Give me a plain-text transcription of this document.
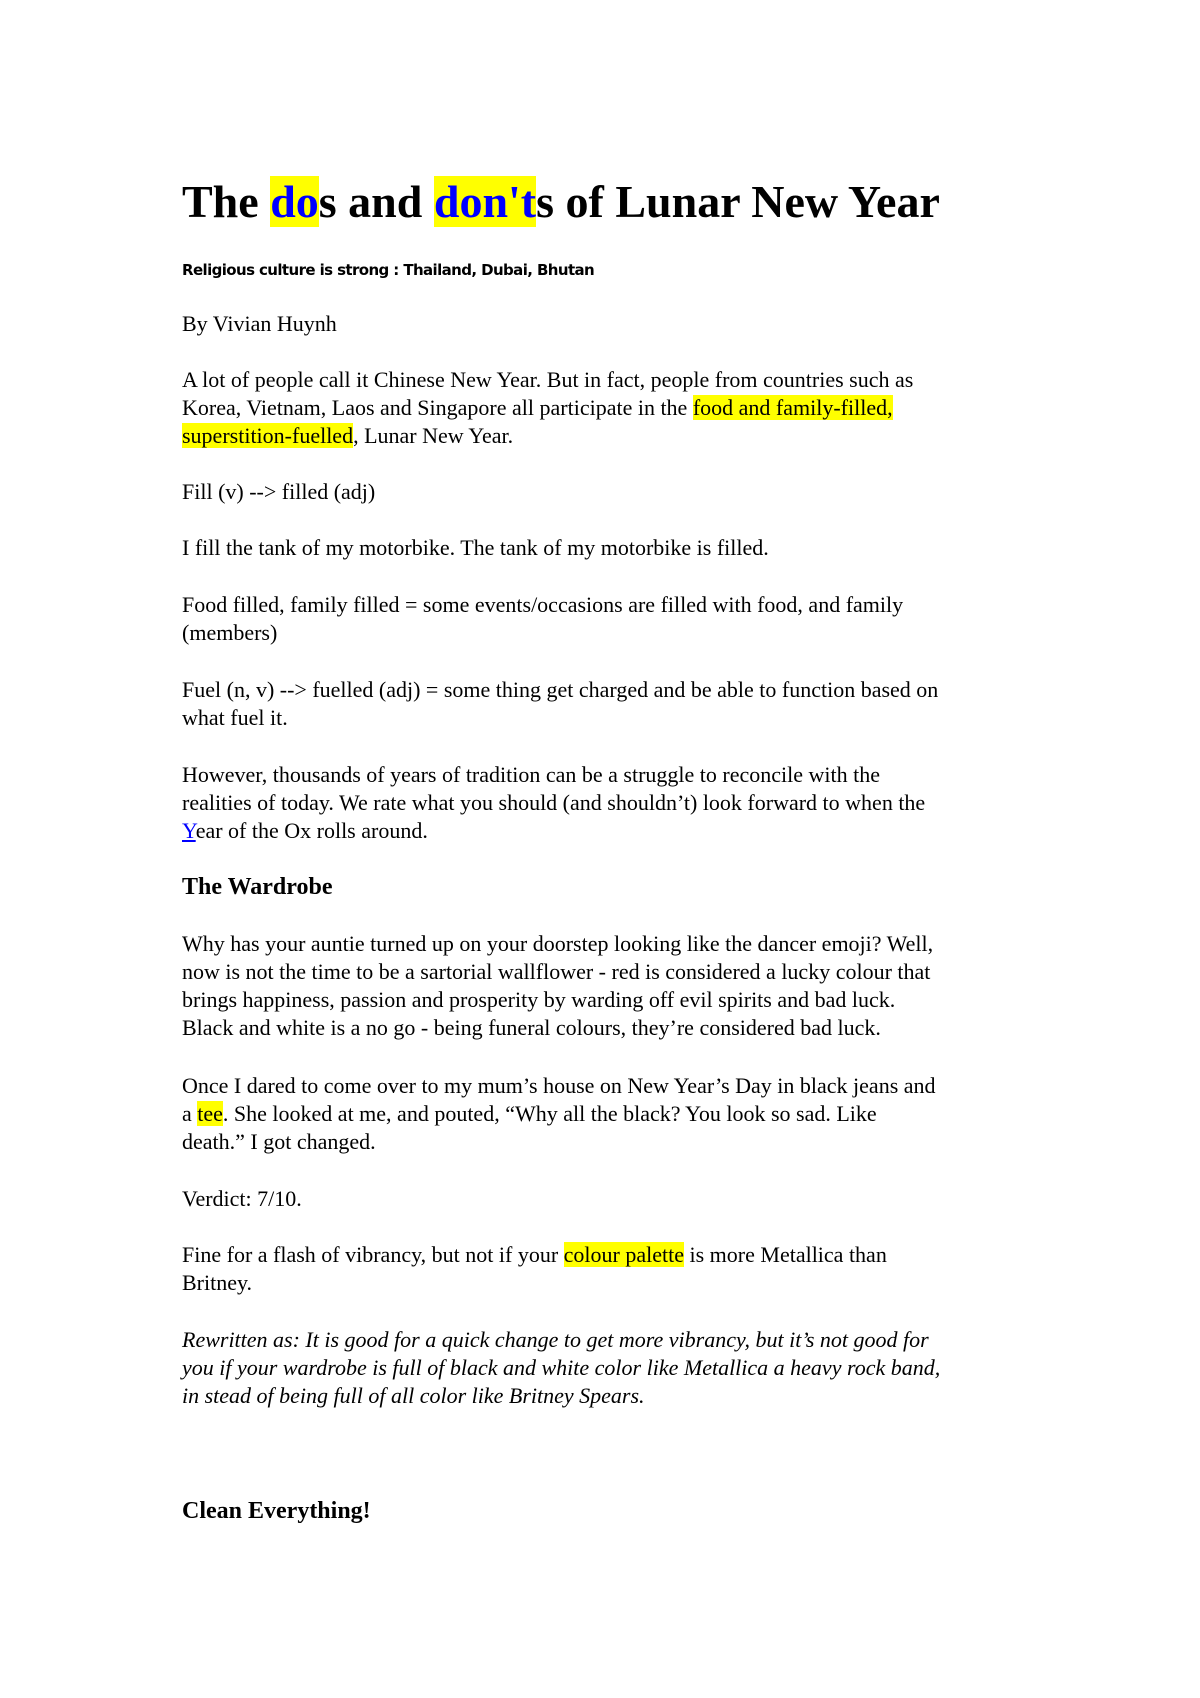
The dos and don'ts of Lunar New Year
Religious culture is strong : Thailand, Dubai, Bhutan

By Vivian Huynh

A lot of people call it Chinese New Year. But in fact, people from countries such as
Korea, Vietnam, Laos and Singapore all participate in the food and family-filled,
superstition-fuelled, Lunar New Year.

Fill (v) --> filled (adj)

I fill the tank of my motorbike. The tank of my motorbike is filled.

Food filled, family filled = some events/occasions are filled with food, and family
(members)

Fuel (n, v) --> fuelled (adj) = some thing get charged and be able to function based on
what fuel it.

However, thousands of years of tradition can be a struggle to reconcile with the
realities of today. We rate what you should (and shouldn’t) look forward to when the
Year of the Ox rolls around.

The Wardrobe

Why has your auntie turned up on your doorstep looking like the dancer emoji? Well,
now is not the time to be a sartorial wallflower - red is considered a lucky colour that
brings happiness, passion and prosperity by warding off evil spirits and bad luck.
Black and white is a no go - being funeral colours, they’re considered bad luck.

Once I dared to come over to my mum’s house on New Year’s Day in black jeans and
a tee. She looked at me, and pouted, “Why all the black? You look so sad. Like
death.” I got changed.

Verdict: 7/10.

Fine for a flash of vibrancy, but not if your colour palette is more Metallica than
Britney.

Rewritten as: It is good for a quick change to get more vibrancy, but it’s not good for
you if your wardrobe is full of black and white color like Metallica a heavy rock band,
in stead of being full of all color like Britney Spears.

Clean Everything!
